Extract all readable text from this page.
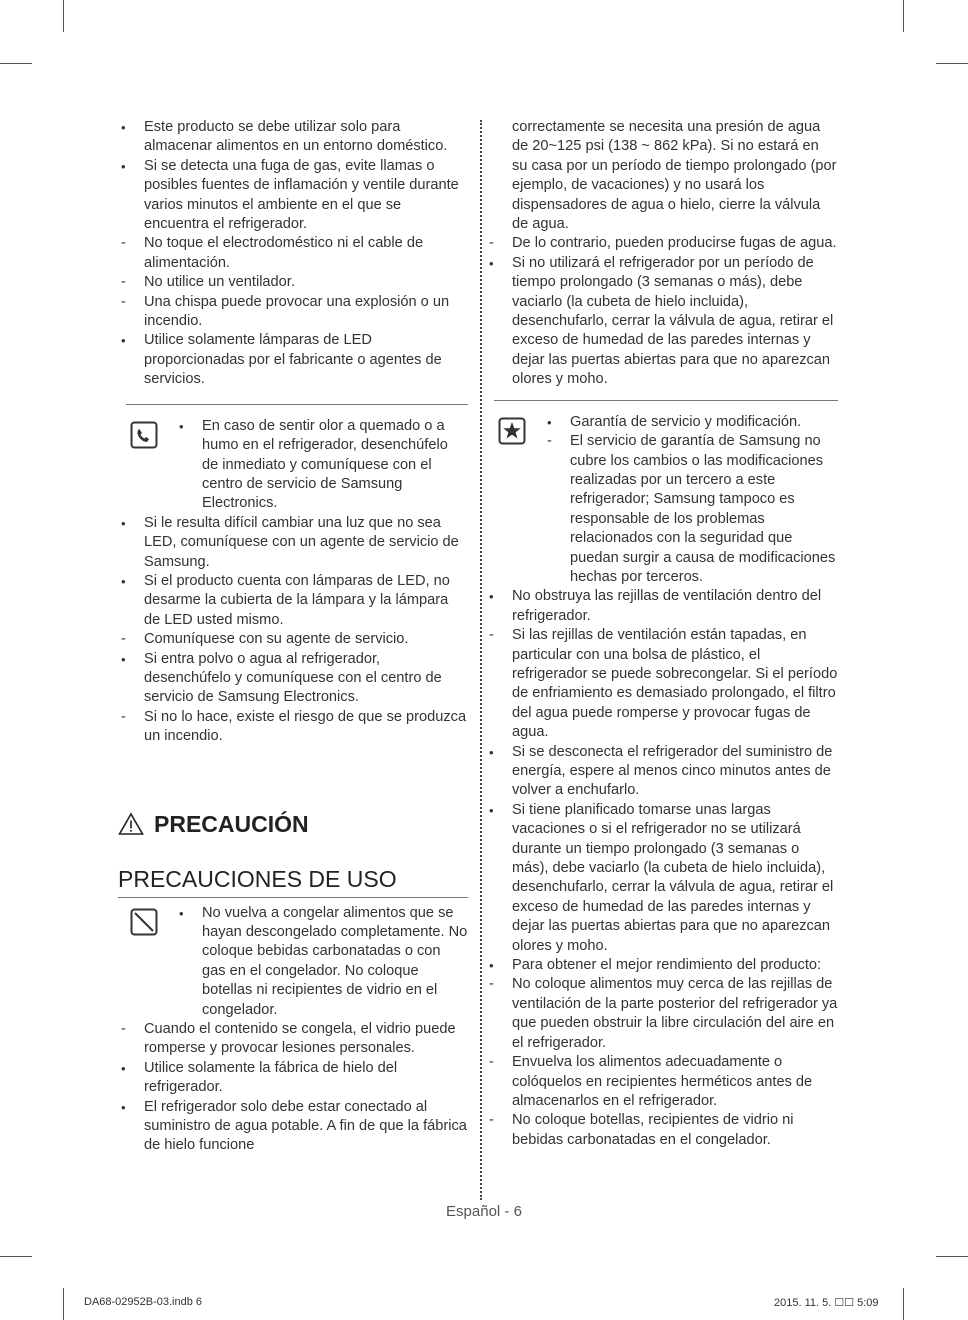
•	Este producto se debe utilizar solo para almacenar alimentos en un entorno doméstico.

•	Si se detecta una fuga de gas, evite llamas o posibles fuentes de inflamación y ventile durante varios minutos el ambiente en el que se encuentra el refrigerador.

-	No toque el electrodoméstico ni el cable de alimentación.

-	No utilice un ventilador.

-	Una chispa puede provocar una explosión o un incendio.

•	Utilice solamente lámparas de LED proporcionadas por el fabricante o agentes de servicios.

•	En caso de sentir olor a quemado o a humo en el refrigerador, desenchúfelo de inmediato y comuníquese con el centro de servicio de Samsung Electronics.

•	Si le resulta difícil cambiar una luz que no sea LED, comuníquese con un agente de servicio de Samsung.

•	Si el producto cuenta con lámparas de LED, no desarme la cubierta de la lámpara y la lámpara de LED usted mismo.

-	Comuníquese con su agente de servicio.

•	Si entra polvo o agua al refrigerador, desenchúfelo y comuníquese con el centro de servicio de Samsung Electronics.

-	Si no lo hace, existe el riesgo de que se produzca un incendio.

PRECAUCIÓN
PRECAUCIONES DE USO

•	No vuelva a congelar alimentos que se hayan descongelado completamente. No coloque bebidas carbonatadas o con gas en el congelador. No coloque botellas ni recipientes de vidrio en el congelador.

-	Cuando el contenido se congela, el vidrio puede romperse y provocar lesiones personales.

•	Utilice solamente la fábrica de hielo del refrigerador.

•	El refrigerador solo debe estar conectado al suministro de agua potable. A fin de que la fábrica de hielo funcione

correctamente se necesita una presión de agua de 20~125 psi (138 ~ 862 kPa). Si no estará en su casa por un período de tiempo prolongado (por ejemplo, de vacaciones) y no usará los dispensadores de agua o hielo, cierre la válvula de agua.

-	De lo contrario, pueden producirse fugas de agua.

•	Si no utilizará el refrigerador por un período de tiempo prolongado (3 semanas o más), debe vaciarlo (la cubeta de hielo incluida), desenchufarlo, cerrar la válvula de agua, retirar el exceso de humedad de las paredes internas y dejar las puertas abiertas para que no aparezcan olores y moho.

•	Garantía de servicio y modificación.

-	El servicio de garantía de Samsung no cubre los cambios o las modificaciones realizadas por un tercero a este refrigerador; Samsung tampoco es responsable de los problemas relacionados con la seguridad que puedan surgir a causa de modificaciones hechas por terceros.

•	No obstruya las rejillas de ventilación dentro del refrigerador.

-	Si las rejillas de ventilación están tapadas, en particular con una bolsa de plástico, el refrigerador se puede sobrecongelar. Si el período de enfriamiento es demasiado prolongado, el filtro del agua puede romperse y provocar fugas de agua.

•	Si se desconecta el refrigerador del suministro de energía, espere al menos cinco minutos antes de volver a enchufarlo.

•	Si tiene planificado tomarse unas largas vacaciones o si el refrigerador no se utilizará durante un tiempo prolongado (3 semanas o más), debe vaciarlo (la cubeta de hielo incluida), desenchufarlo, cerrar la válvula de agua, retirar el exceso de humedad de las paredes internas y dejar las puertas abiertas para que no aparezcan olores y moho.

•	Para obtener el mejor rendimiento del producto:

-	No coloque alimentos muy cerca de las rejillas de ventilación de la parte posterior del refrigerador ya que pueden obstruir la libre circulación del aire en el refrigerador.

-	Envuelva los alimentos adecuadamente o colóquelos en recipientes herméticos antes de almacenarlos en el refrigerador.

-	No coloque botellas, recipientes de vidrio ni bebidas carbonatadas en el congelador.

Español - 6
DA68-02952B-03.indb 6	2015. 11. 5. ☐☐ 5:09
